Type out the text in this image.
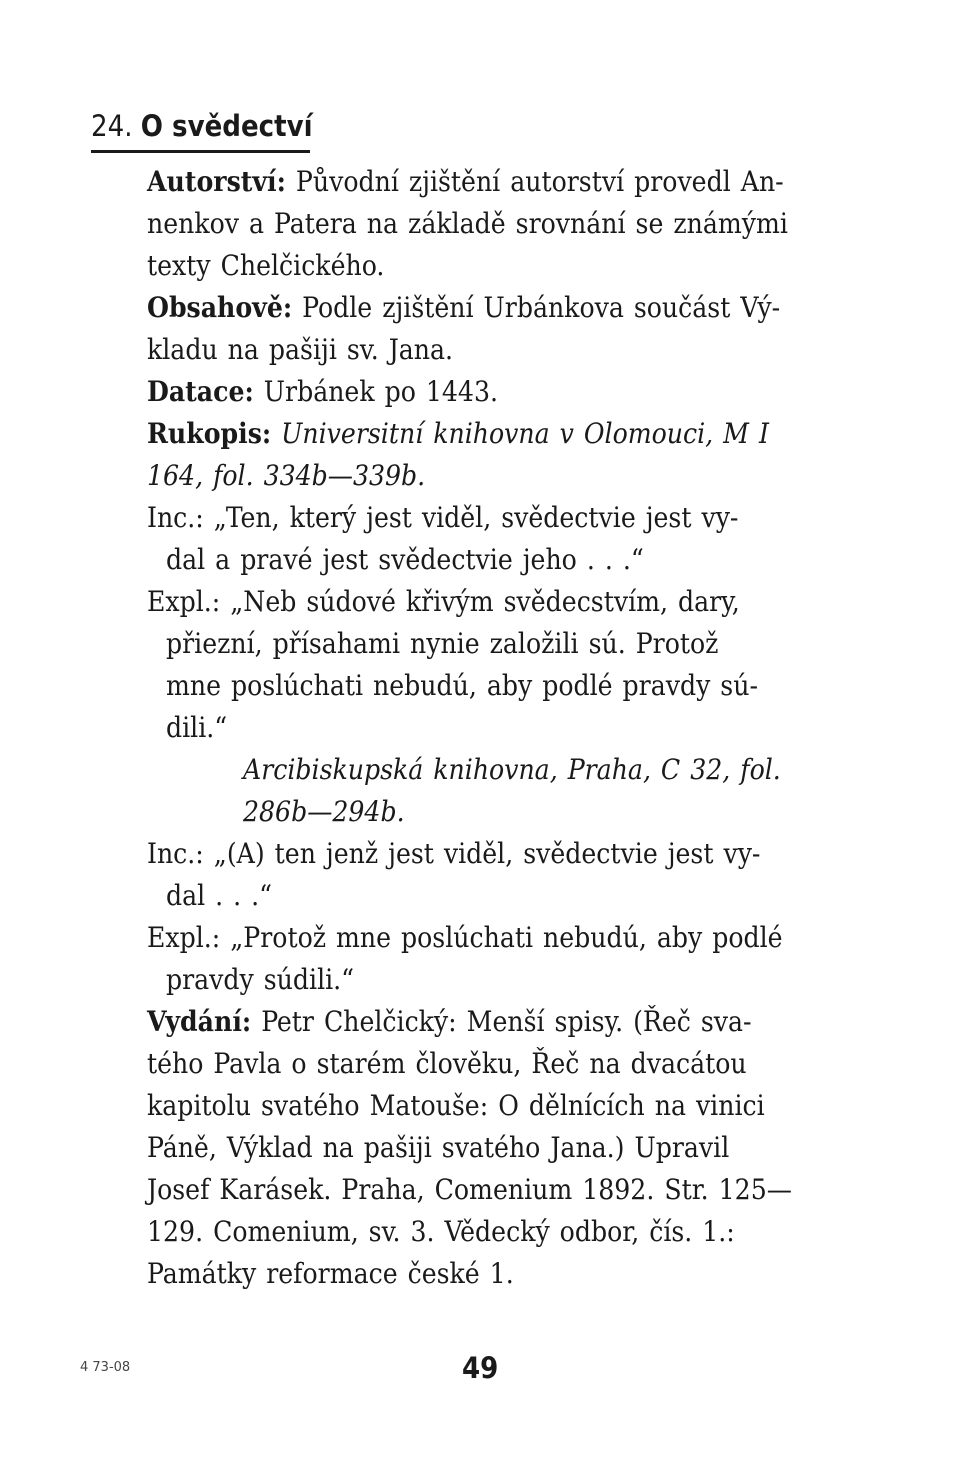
24. O svědectví
Autorství: Původní zjištění autorství provedl An-
nenkov a Patera na základě srovnání se známými
texty Chelčického.
Obsahově: Podle zjištění Urbánkova součást Vý-
kladu na pašiji sv. Jana.
Datace: Urbánek po 1443.
Rukopis: Universitní knihovna v Olomouci, M I
164, fol. 334b—339b.
Inc.: „Ten, který jest viděl, svědectvie jest vy-
dal a pravé jest svědectvie jeho . . .“
Expl.: „Neb súdové křivým svědecstvím, dary,
přiezní, přísahami nynie založili sú. Protož
mne poslúchati nebudú, aby podlé pravdy sú-
dili.“
Arcibiskupská knihovna, Praha, C 32, fol.
286b—294b.
Inc.: „(A) ten jenž jest viděl, svědectvie jest vy-
dal . . .“
Expl.: „Protož mne poslúchati nebudú, aby podlé
pravdy súdili.“
Vydání: Petr Chelčický: Menší spisy. (Řeč sva-
tého Pavla o starém člověku, Řeč na dvacátou
kapitolu svatého Matouše: O dělnících na vinici
Páně, Výklad na pašiji svatého Jana.) Upravil
Josef Karásek. Praha, Comenium 1892. Str. 125—
129. Comenium, sv. 3. Vědecký odbor, čís. 1.:
Památky reformace české 1.
4 73-08	49
